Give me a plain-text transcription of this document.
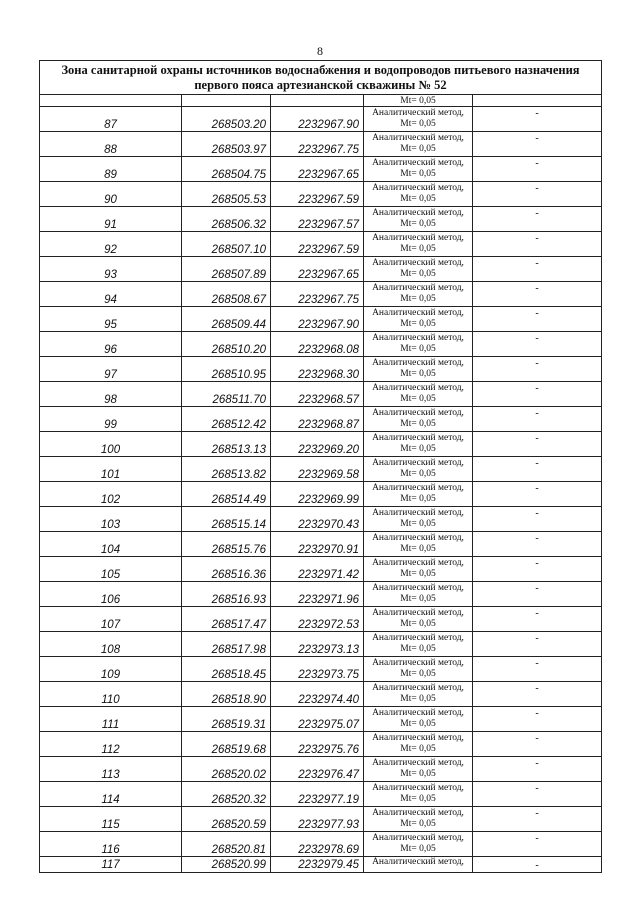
8
Зона санитарной охраны источников водоснабжения и водопроводов питьевого назначения
первого пояса артезианской скважины № 52
			Mt= 0,05	
87	268503.20	2232967.90	Аналитический метод,
Mt= 0,05	-
88	268503.97	2232967.75	Аналитический метод,
Mt= 0,05	-
89	268504.75	2232967.65	Аналитический метод,
Mt= 0,05	-
90	268505.53	2232967.59	Аналитический метод,
Mt= 0,05	-
91	268506.32	2232967.57	Аналитический метод,
Mt= 0,05	-
92	268507.10	2232967.59	Аналитический метод,
Mt= 0,05	-
93	268507.89	2232967.65	Аналитический метод,
Mt= 0,05	-
94	268508.67	2232967.75	Аналитический метод,
Mt= 0,05	-
95	268509.44	2232967.90	Аналитический метод,
Mt= 0,05	-
96	268510.20	2232968.08	Аналитический метод,
Mt= 0,05	-
97	268510.95	2232968.30	Аналитический метод,
Mt= 0,05	-
98	268511.70	2232968.57	Аналитический метод,
Mt= 0,05	-
99	268512.42	2232968.87	Аналитический метод,
Mt= 0,05	-
100	268513.13	2232969.20	Аналитический метод,
Mt= 0,05	-
101	268513.82	2232969.58	Аналитический метод,
Mt= 0,05	-
102	268514.49	2232969.99	Аналитический метод,
Mt= 0,05	-
103	268515.14	2232970.43	Аналитический метод,
Mt= 0,05	-
104	268515.76	2232970.91	Аналитический метод,
Mt= 0,05	-
105	268516.36	2232971.42	Аналитический метод,
Mt= 0,05	-
106	268516.93	2232971.96	Аналитический метод,
Mt= 0,05	-
107	268517.47	2232972.53	Аналитический метод,
Mt= 0,05	-
108	268517.98	2232973.13	Аналитический метод,
Mt= 0,05	-
109	268518.45	2232973.75	Аналитический метод,
Mt= 0,05	-
110	268518.90	2232974.40	Аналитический метод,
Mt= 0,05	-
111	268519.31	2232975.07	Аналитический метод,
Mt= 0,05	-
112	268519.68	2232975.76	Аналитический метод,
Mt= 0,05	-
113	268520.02	2232976.47	Аналитический метод,
Mt= 0,05	-
114	268520.32	2232977.19	Аналитический метод,
Mt= 0,05	-
115	268520.59	2232977.93	Аналитический метод,
Mt= 0,05	-
116	268520.81	2232978.69	Аналитический метод,
Mt= 0,05	-
117	268520.99	2232979.45	Аналитический метод,	-
